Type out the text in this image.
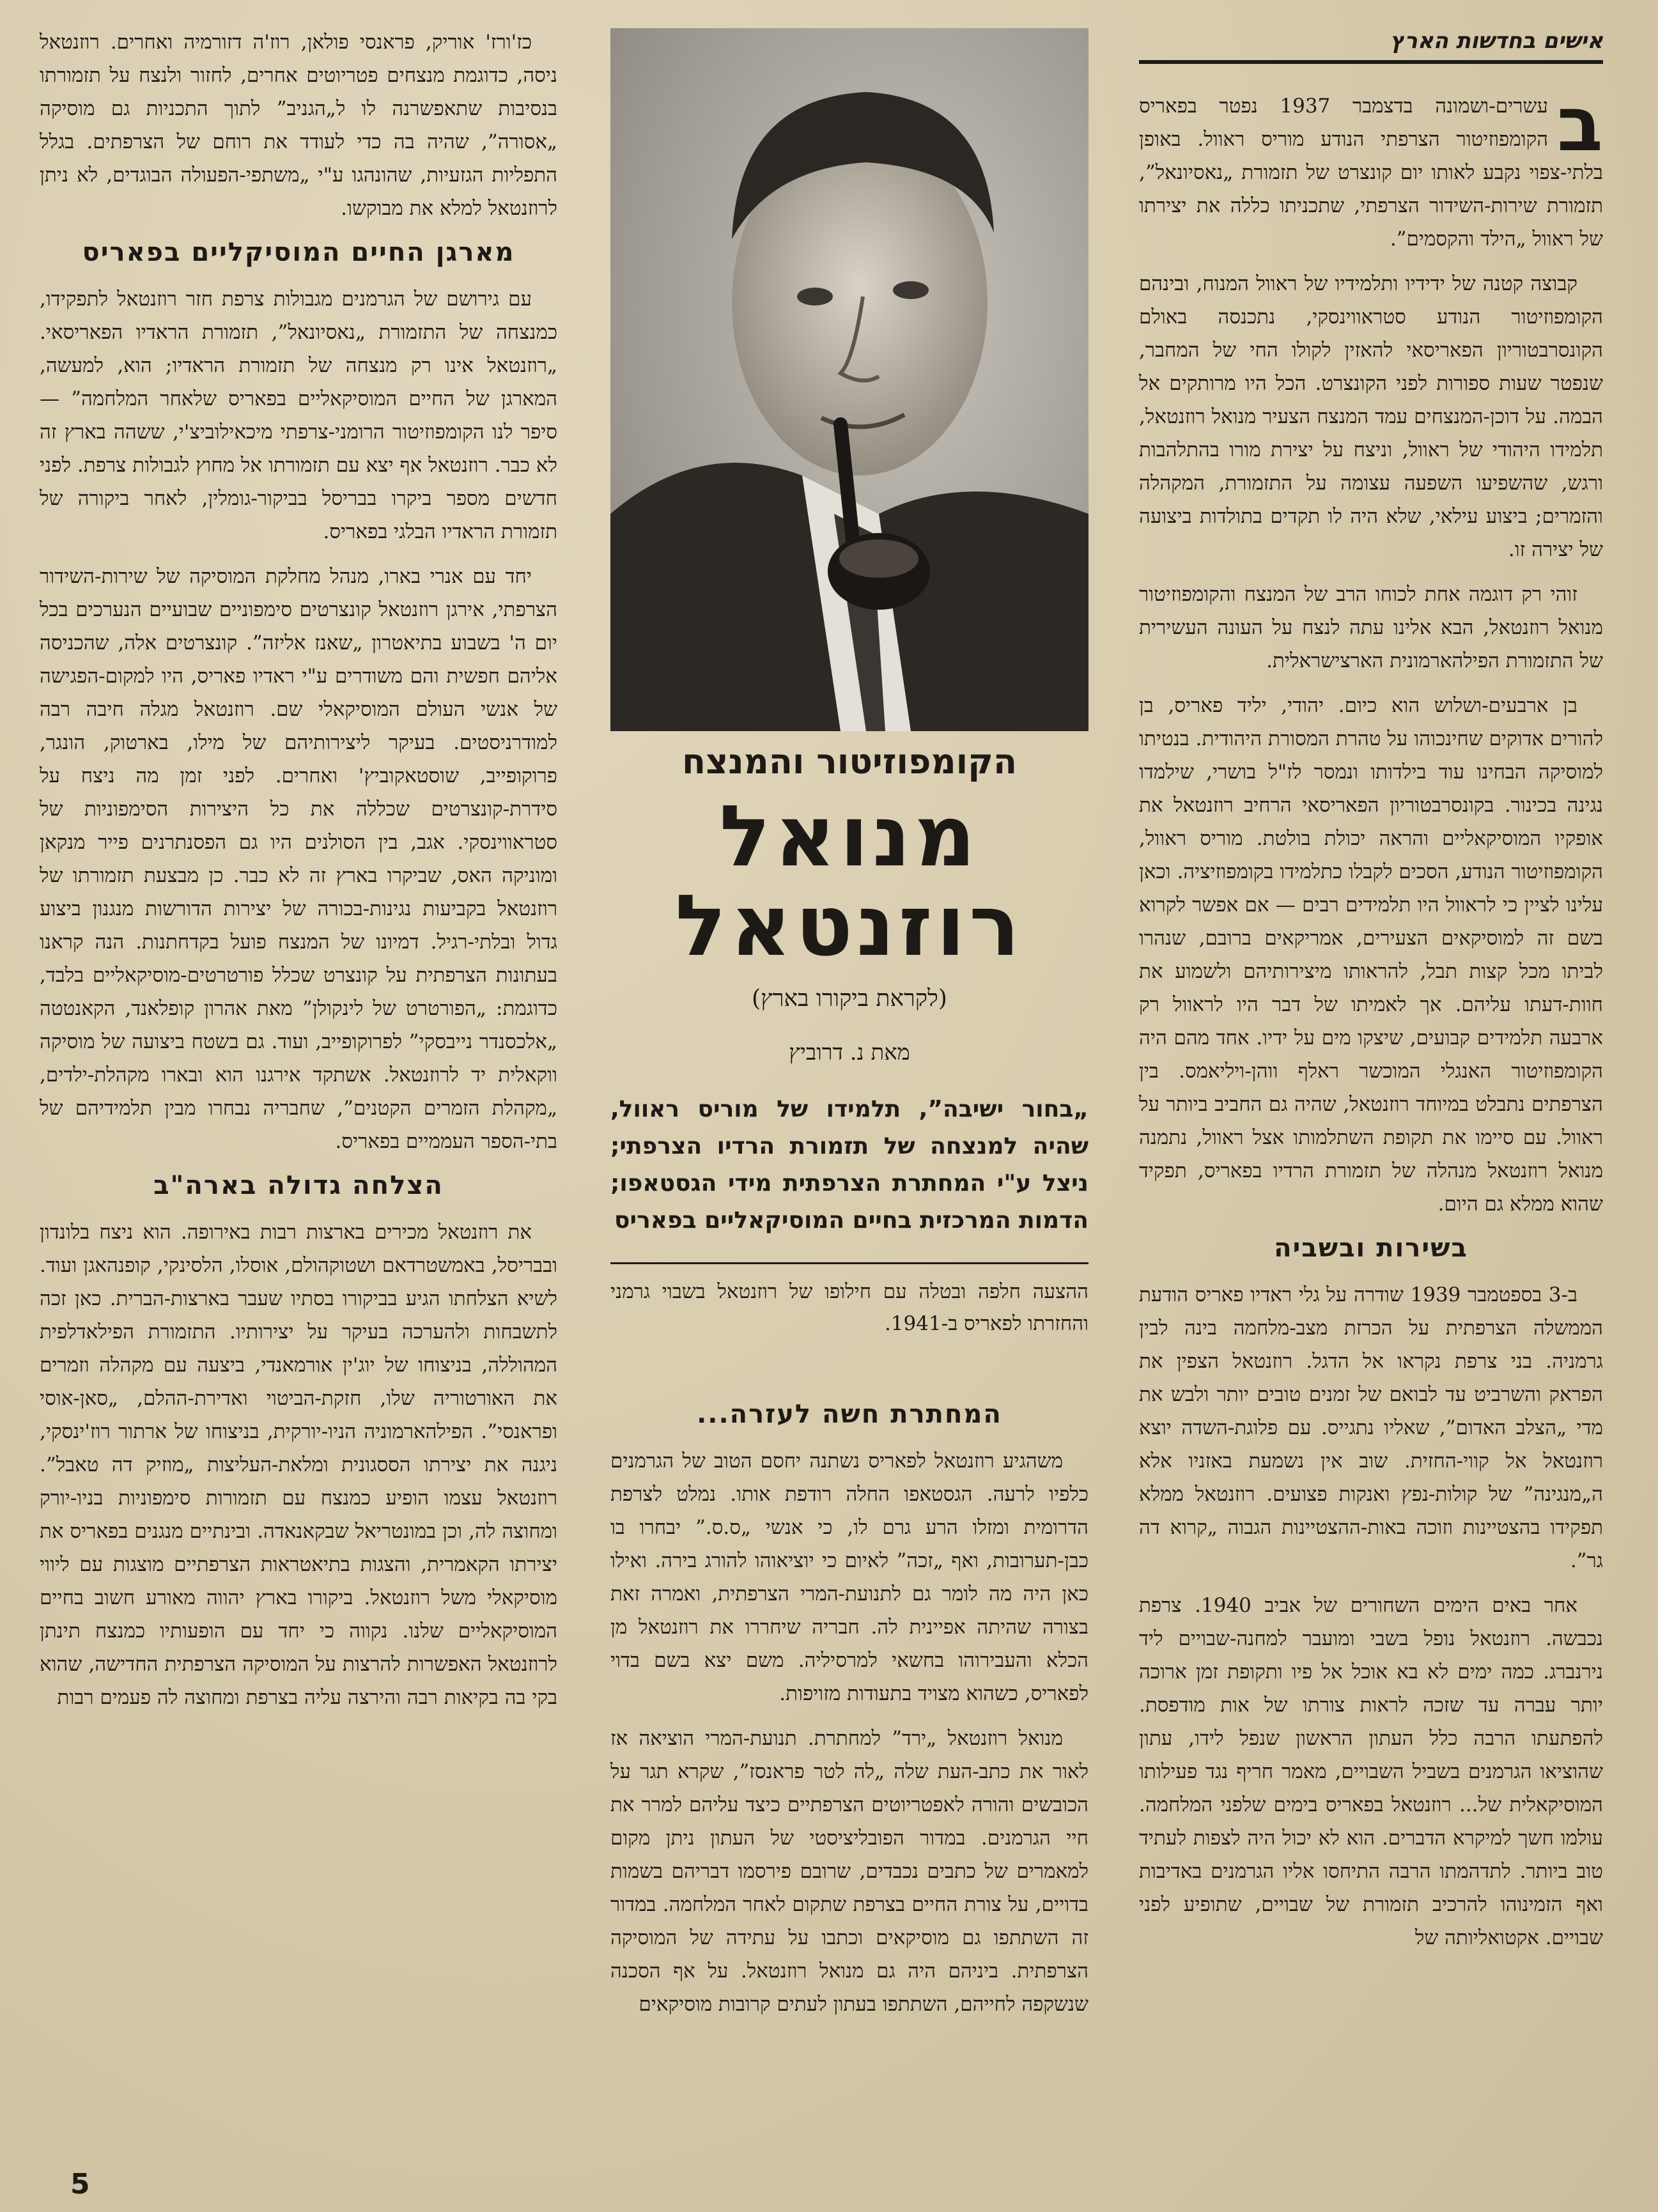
אישים בחדשות הארץ

ב
עשרים-ושמונה בדצמבר 1937 נפטר בפאריס הקומפוזיטור הצרפתי הנודע מוריס ראוול. באופן בלתי-צפוי נקבע לאותו יום קונצרט של תזמורת „נאסיונאל”, תזמורת שירות-השידור הצרפתי, שתכניתו כללה את יצירתו של ראוול „הילד והקסמים”.

קבוצה קטנה של ידידיו ותלמידיו של ראוול המנוח, ובינהם הקומפוזיטור הנודע סטראווינסקי, נתכנסה באולם הקונסרבטוריון הפאריסאי להאזין לקולו החי של המחבר, שנפטר שעות ספורות לפני הקונצרט. הכל היו מרותקים אל הבמה. על דוכן-המנצחים עמד המנצח הצעיר מנואל רוזנטאל, תלמידו היהודי של ראוול, וניצח על יצירת מורו בהתלהבות ורגש, שהשפיעו השפעה עצומה על התזמורת, המקהלה והזמרים; ביצוע עילאי, שלא היה לו תקדים בתולדות ביצועה של יצירה זו.

זוהי רק דוגמה אחת לכוחו הרב של המנצח והקומפוזיטור מנואל רוזנטאל, הבא אלינו עתה לנצח על העונה העשירית של התזמורת הפילהארמונית הארצישראלית.

בן ארבעים-ושלוש הוא כיום. יהודי, יליד פאריס, בן להורים אדוקים שחינכוהו על טהרת המסורת היהודית. בנטיתו למוסיקה הבחינו עוד בילדותו ונמסר לז"ל בושרי, שילמדו נגינה בכינור. בקונסרבטוריון הפאריסאי הרחיב רוזנטאל את אופקיו המוסיקאליים והראה יכולת בולטת. מוריס ראוול, הקומפוזיטור הנודע, הסכים לקבלו כתלמידו בקומפוזיציה. וכאן עלינו לציין כי לראוול היו תלמידים רבים — אם אפשר לקרוא בשם זה למוסיקאים הצעירים, אמריקאים ברובם, שנהרו לביתו מכל קצות תבל, להראותו מיצירותיהם ולשמוע את חוות-דעתו עליהם. אך לאמיתו של דבר היו לראוול רק ארבעה תלמידים קבועים, שיצקו מים על ידיו. אחד מהם היה הקומפוזיטור האנגלי המוכשר ראלף ווהן-ויליאמס. בין הצרפתים נתבלט במיוחד רוזנטאל, שהיה גם החביב ביותר על ראוול. עם סיימו את תקופת השתלמותו אצל ראוול, נתמנה מנואל רוזנטאל מנהלה של תזמורת הרדיו בפאריס, תפקיד שהוא ממלא גם היום.

בשירות ובשביה

ב-3 בספטמבר 1939 שודרה על גלי ראדיו פאריס הודעת הממשלה הצרפתית על הכרזת מצב-מלחמה בינה לבין גרמניה. בני צרפת נקראו אל הדגל. רוזנטאל הצפין את הפראק והשרביט עד לבואם של זמנים טובים יותר ולבש את מדי „הצלב האדום”, שאליו נתגייס. עם פלוגת-השדה יוצא רוזנטאל אל קווי-החזית. שוב אין נשמעת באזניו אלא ה„מנגינה” של קולות-נפץ ואנקות פצועים. רוזנטאל ממלא תפקידו בהצטיינות וזוכה באות-ההצטיינות הגבוה „קרוא דה גר”.

אחר באים הימים השחורים של אביב 1940. צרפת נכבשה. רוזנטאל נופל בשבי ומועבר למחנה-שבויים ליד נירנברג. כמה ימים לא בא אוכל אל פיו ותקופת זמן ארוכה יותר עברה עד שזכה לראות צורתו של אות מודפסת. להפתעתו הרבה כלל העתון הראשון שנפל לידו, עתון שהוציאו הגרמנים בשביל השבויים, מאמר חריף נגד פעילותו המוסיקאלית של... רוזנטאל בפאריס בימים שלפני המלחמה. עולמו חשך למיקרא הדברים. הוא לא יכול היה לצפות לעתיד טוב ביותר. לתדהמתו הרבה התיחסו אליו הגרמנים באדיבות ואף הזמינוהו להרכיב תזמורת של שבויים, שתופיע לפני שבויים. אקטואליותה של

הקומפוזיטור והמנצח
מנואל רוזנטאל
(לקראת ביקורו בארץ)
מאת נ. דרוביץ
„בחור ישיבה”, תלמידו של מוריס ראוול, שהיה למנצחה של תזמורת הרדיו הצרפתי; ניצל ע"י המחתרת הצרפתית מידי הגסטאפו; הדמות המרכזית בחיים המוסיקאליים בפאריס
ההצעה חלפה ובטלה עם חילופו של רוזנטאל בשבוי גרמני והחזרתו לפאריס ב-1941.
המחתרת חשה לעזרה...

משהגיע רוזנטאל לפאריס נשתנה יחסם הטוב של הגרמנים כלפיו לרעה. הגסטאפו החלה רודפת אותו. נמלט לצרפת הדרומית ומזלו הרע גרם לו, כי אנשי „ס.ס.” יבחרו בו כבן-תערובות, ואף „זכה” לאיום כי יוציאוהו להורג בירה. ואילו כאן היה מה לומר גם לתנועת-המרי הצרפתית, ואמרה זאת בצורה שהיתה אפיינית לה. חבריה שיחררו את רוזנטאל מן הכלא והעבירוהו בחשאי למרסיליה. משם יצא בשם בדוי לפאריס, כשהוא מצויד בתעודות מזויפות.

מנואל רוזנטאל „ירד” למחתרת. תנועת-המרי הוציאה אז לאור את כתב-העת שלה „לה לטר פראנסז”, שקרא תגר על הכובשים והורה לאפטריוטים הצרפתיים כיצד עליהם למרר את חיי הגרמנים. במדור הפובליציסטי של העתון ניתן מקום למאמרים של כתבים נכבדים, שרובם פירסמו דבריהם בשמות בדויים, על צורת החיים בצרפת שתקום לאחר המלחמה. במדור זה השתתפו גם מוסיקאים וכתבו על עתידה של המוסיקה הצרפתית. ביניהם היה גם מנואל רוזנטאל. על אף הסכנה שנשקפה לחייהם, השתתפו בעתון לעתים קרובות מוסיקאים

כז'ורז' אוריק, פראנסי פולאן, רוז'ה דזורמיה ואחרים. רוזנטאל ניסה, כדוגמת מנצחים פטריוטים אחרים, לחזור ולנצח על תזמורתו בנסיבות שתאפשרנה לו ל„הגניב” לתוך התכניות גם מוסיקה „אסורה”, שהיה בה כדי לעודד את רוחם של הצרפתים. בגלל התפליות הגזעיות, שהונהגו ע"י „משתפי-הפעולה הבוגדים, לא ניתן לרוזנטאל למלא את מבוקשו.

מארגן החיים המוסיקליים בפאריס

עם גירושם של הגרמנים מגבולות צרפת חזר רוזנטאל לתפקידו, כמנצחה של התזמורת „נאסיונאל”, תזמורת הראדיו הפאריסאי. „רוזנטאל אינו רק מנצחה של תזמורת הראדיו; הוא, למעשה, המארגן של החיים המוסיקאליים בפאריס שלאחר המלחמה” — סיפר לנו הקומפוזיטור הרומני-צרפתי מיכאילוביצ'י, ששהה בארץ זה לא כבר. רוזנטאל אף יצא עם תזמורתו אל מחוץ לגבולות צרפת. לפני חדשים מספר ביקרו בבריסל בביקור-גומלין, לאחר ביקורה של תזמורת הראדיו הבלגי בפאריס.

יחד עם אנרי בארו, מנהל מחלקת המוסיקה של שירות-השידור הצרפתי, אירגן רוזנטאל קונצרטים סימפוניים שבועיים הנערכים בכל יום ה' בשבוע בתיאטרון „שאנז אליזה”. קונצרטים אלה, שהכניסה אליהם חפשית והם משודרים ע"י ראדיו פאריס, היו למקום-הפגישה של אנשי העולם המוסיקאלי שם. רוזנטאל מגלה חיבה רבה למודרניסטים. בעיקר ליצירותיהם של מילו, בארטוק, הונגר, פרוקופייב, שוסטאקוביץ' ואחרים. לפני זמן מה ניצח על סידרת-קונצרטים שכללה את כל היצירות הסימפוניות של סטראווינסקי. אגב, בין הסולנים היו גם הפסנתרנים פייר מנקאן ומוניקה האס, שביקרו בארץ זה לא כבר. כן מבצעת תזמורתו של רוזנטאל בקביעות נגינות-בכורה של יצירות הדורשות מנגנון ביצוע גדול ובלתי-רגיל. דמיונו של המנצח פועל בקדחתנות. הנה קראנו בעתונות הצרפתית על קונצרט שכלל פורטרטים-מוסיקאליים בלבד, כדוגמת: „הפורטרט של לינקולן” מאת אהרון קופלאנד, הקאנטטה „אלכסנדר נייבסקי” לפרוקופייב, ועוד. גם בשטח ביצועה של מוסיקה ווקאלית יד לרוזנטאל. אשתקד אירגנו הוא ובארו מקהלת-ילדים, „מקהלת הזמרים הקטנים”, שחבריה נבחרו מבין תלמידיהם של בתי-הספר העממיים בפאריס.

הצלחה גדולה בארה"ב

את רוזנטאל מכירים בארצות רבות באירופה. הוא ניצח בלונדון ובבריסל, באמשטרדאם ושטוקהולם, אוסלו, הלסינקי, קופנהאגן ועוד. לשיא הצלחתו הגיע בביקורו בסתיו שעבר בארצות-הברית. כאן זכה לתשבחות ולהערכה בעיקר על יצירותיו. התזמורת הפילאדלפית המהוללה, בניצוחו של יוג'ין אורמאנדי, ביצעה עם מקהלה וזמרים את האורטוריה שלו, חזקת-הביטוי ואדירת-ההלם, „סאן-אוסי ופראנסי”. הפילהארמוניה הניו-יורקית, בניצוחו של ארתור רוז'ינסקי, ניגנה את יצירתו הססגונית ומלאת-העליצות „מוזיק דה טאבל”. רוזנטאל עצמו הופיע כמנצח עם תזמורות סימפוניות בניו-יורק ומחוצה לה, וכן במונטריאל שבקאנאדה. ובינתיים מנגנים בפאריס את יצירתו הקאמרית, והצגות בתיאטראות הצרפתיים מוצגות עם ליווי מוסיקאלי משל רוזנטאל. ביקורו בארץ יהווה מאורע חשוב בחיים המוסיקאליים שלנו. נקווה כי יחד עם הופעותיו כמנצח תינתן לרוזנטאל האפשרות להרצות על המוסיקה הצרפתית החדישה, שהוא בקי בה בקיאות רבה והירצה עליה בצרפת ומחוצה לה פעמים רבות

5
